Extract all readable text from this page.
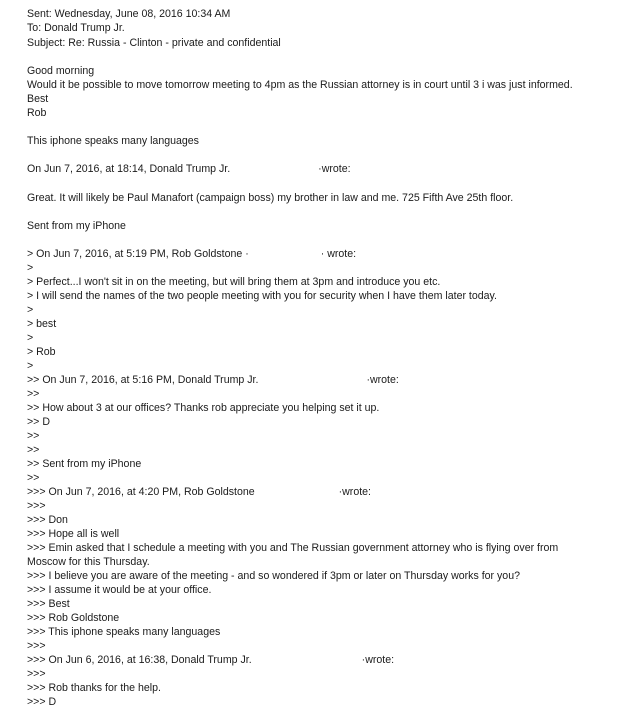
Sent: Wednesday, June 08, 2016 10:34 AM
To: Donald Trump Jr.
Subject: Re: Russia - Clinton - private and confidential
Good morning
Would it be possible to move tomorrow meeting to 4pm as the Russian attorney is in court until 3 i was just informed.
Best
Rob
This iphone speaks many languages
On Jun 7, 2016, at 18:14, Donald Trump Jr.	·wrote:
Great. It will likely be Paul Manafort (campaign boss) my brother in law and me. 725 Fifth Ave 25th floor.
Sent from my iPhone
> On Jun 7, 2016, at 5:19 PM, Rob Goldstone ·	· wrote:
>
> Perfect...I won't sit in on the meeting, but will bring them at 3pm and introduce you etc.
> I will send the names of the two people meeting with you for security when I have them later today.
>
> best
>
> Rob
>
>> On Jun 7, 2016, at 5:16 PM, Donald Trump Jr.	·wrote:
>>
>> How about 3 at our offices? Thanks rob appreciate you helping set it up.
>> D
>>
>>
>> Sent from my iPhone
>>
>>> On Jun 7, 2016, at 4:20 PM, Rob Goldstone	·wrote:
>>>
>>> Don
>>> Hope all is well
>>> Emin asked that I schedule a meeting with you and The Russian government attorney who is flying over from
Moscow for this Thursday.
>>> I believe you are aware of the meeting - and so wondered if 3pm or later on Thursday works for you?
>>> I assume it would be at your office.
>>> Best
>>> Rob Goldstone
>>> This iphone speaks many languages
>>>
>>> On Jun 6, 2016, at 16:38, Donald Trump Jr.	·wrote:
>>>
>>> Rob thanks for the help.
>>> D
